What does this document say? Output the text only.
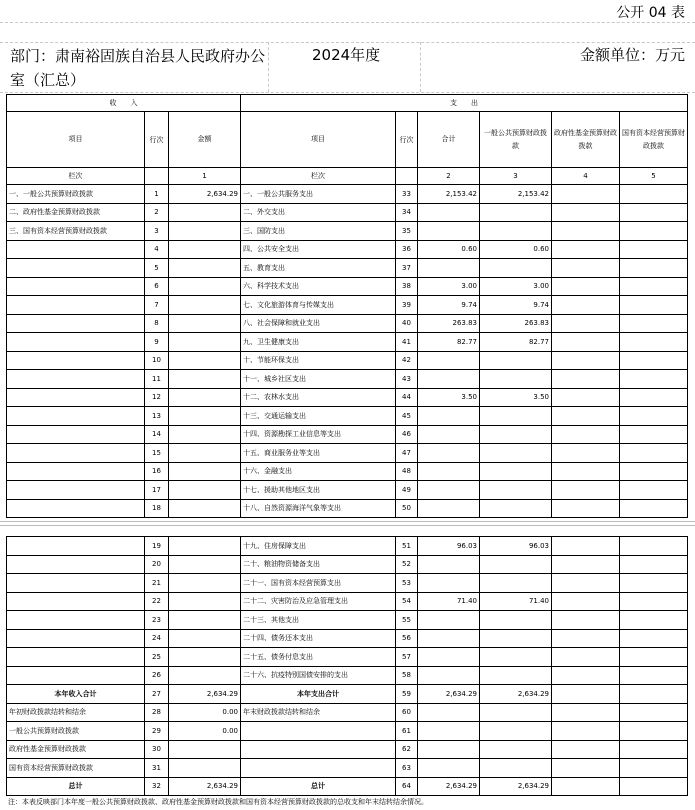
公开 04 表
部门：肃南裕固族自治县人民政府办公室（汇总）
2024年度	金额单位：万元
收　　入			支　　出					
项目	行次	金额	项目	行次	合计	一般公共预算财政拨款	政府性基金预算财政拨款	国有资本经营预算财政拨款
栏次		1	栏次		2	3	4	5
一、一般公共预算财政拨款	1	2,634.29	一、一般公共服务支出	33	2,153.42	2,153.42		
二、政府性基金预算财政拨款	2		二、外交支出	34				
三、国有资本经营预算财政拨款	3		三、国防支出	35				
	4		四、公共安全支出	36	0.60	0.60		
	5		五、教育支出	37				
	6		六、科学技术支出	38	3.00	3.00		
	7		七、文化旅游体育与传媒支出	39	9.74	9.74		
	8		八、社会保障和就业支出	40	263.83	263.83		
	9		九、卫生健康支出	41	82.77	82.77		
	10		十、节能环保支出	42				
	11		十一、城乡社区支出	43				
	12		十二、农林水支出	44	3.50	3.50		
	13		十三、交通运输支出	45				
	14		十四、资源勘探工业信息等支出	46				
	15		十五、商业服务业等支出	47				
	16		十六、金融支出	48				
	17		十七、援助其他地区支出	49				
	18		十八、自然资源海洋气象等支出	50				
	19		十九、住房保障支出	51	96.03	96.03		
	20		二十、粮油物资储备支出	52				
	21		二十一、国有资本经营预算支出	53				
	22		二十二、灾害防治及应急管理支出	54	71.40	71.40		
	23		二十三、其他支出	55				
	24		二十四、债务还本支出	56				
	25		二十五、债务付息支出	57				
	26		二十六、抗疫特别国债安排的支出	58				
本年收入合计	27	2,634.29	本年支出合计	59	2,634.29	2,634.29		
年初财政拨款结转和结余	28	0.00	年末财政拨款结转和结余	60				
一般公共预算财政拨款	29	0.00		61				
政府性基金预算财政拨款	30			62				
国有资本经营预算财政拨款	31			63				
总计	32	2,634.29	总计	64	2,634.29	2,634.29		
注：本表反映部门本年度一般公共预算财政拨款、政府性基金预算财政拨款和国有资本经营预算财政拨款的总收支和年末结转结余情况。
